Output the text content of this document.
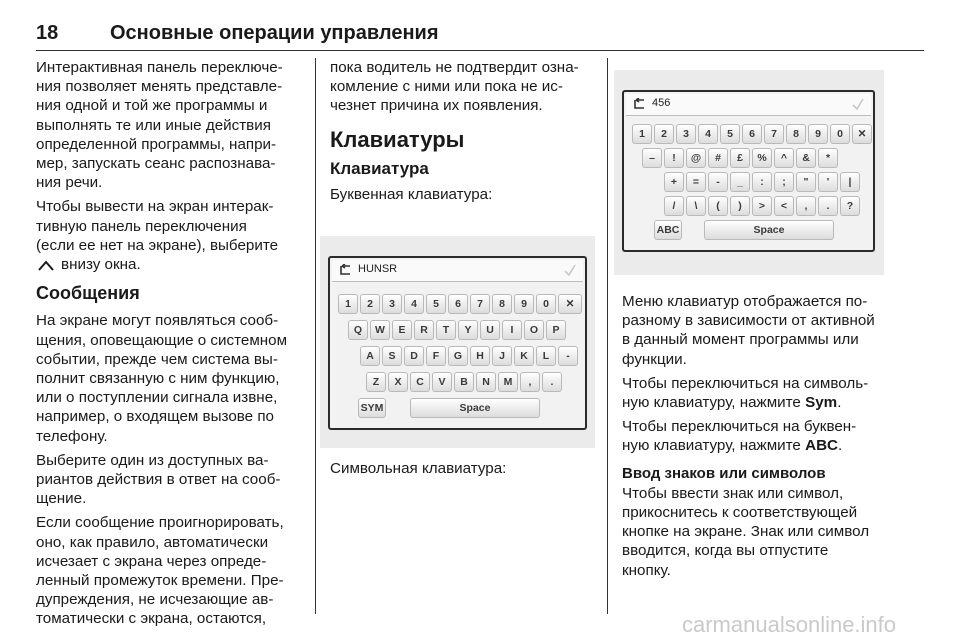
18	Основные операции управления
Интерактивная панель переключе-
ния позволяет менять представле-
ния одной и той же программы и
выполнять те или иные действия
определенной программы, напри-
мер, запускать сеанс распознава-
ния речи.
Чтобы вывести на экран интерак-
тивную панель переключения
(если ее нет на экране), выберите
внизу окна.
Сообщения
На экране могут появляться сооб-
щения, оповещающие о системном
событии, прежде чем система вы-
полнит связанную с ним функцию,
или о поступлении сигнала извне,
например, о входящем вызове по
телефону.
Выберите один из доступных ва-
риантов действия в ответ на сооб-
щение.
Если сообщение проигнорировать,
оно, как правило, автоматически
исчезает с экрана через опреде-
ленный промежуток времени. Пре-
дупреждения, не исчезающие ав-
томатически с экрана, остаются,
пока водитель не подтвердит озна-
комление с ними или пока не ис-
чезнет причина их появления.
Клавиатуры
Клавиатура
Буквенная клавиатура:
Символьная клавиатура:
HUNSR
1	2	3	4	5	6	7	8	9	0	✕
Q	W	E	R	T	Y	U	I	O	P
A	S	D	F	G	H	J	K	L	-
Z	X	C	V	B	N	M	,	.
SYM	Space
456
1	2	3	4	5	6	7	8	9	0	✕
–	!	@	#	£	%	^	&	*
+	=	-	_	:	;	"	'	|
/	\	(	)	>	<	,	.	?
ABC	Space
Меню клавиатур отображается по-
разному в зависимости от активной
в данный момент программы или
функции.
Чтобы переключиться на символь-
ную клавиатуру, нажмите Sym.
Чтобы переключиться на буквен-
ную клавиатуру, нажмите ABC.
Ввод знаков или символов
Чтобы ввести знак или символ,
прикоснитесь к соответствующей
кнопке на экране. Знак или символ
вводится, когда вы отпустите
кнопку.
carmanualsonline.info
